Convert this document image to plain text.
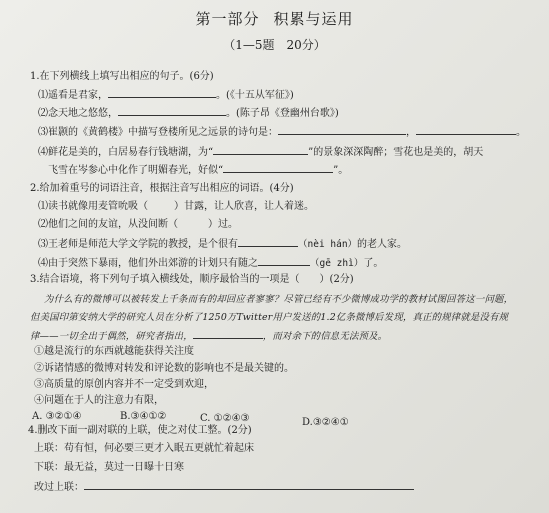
第一部分 积累与运用
（1—5题　20分）
1.在下列横线上填写出相应的句子。(6分)
⑴遥看是君家，	。(《十五从军征》)
⑵念天地之悠悠，	。(陈子昂《登幽州台歌》)
⑶崔颢的《黄鹤楼》中描写登楼所见之远景的诗句是：	，	。
⑷鲜花是美的，白居易春行钱塘湖，为“	”的景象深深陶醉；雪花也是美的，胡天
飞雪在岑参心中化作了明媚春光，好似“	”。
2.给加着重号的词语注音，根据注音写出相应的词语。(4分)
⑴读书就像用麦管吮吸（	）甘露，让人欣喜，让人着迷。
⑵他们之间的友谊，从没间断（	）过。
⑶王老师是师范大学文学院的教授，是个很有	（nèi hán）的老人家。
⑷由于突然下暴雨，他们外出郊游的计划只有随之	（gē zhì）了。
3.结合语境，将下列句子填入横线处，顺序最恰当的一项是（　　）(2分)
为什么有的微博可以被转发上千条而有的却回应者寥寥？尽管已经有不少微博成功学的教材试图回答这一问题，
但美国印第安纳大学的研究人员在分析了1250万Twitter用户发送的1.2亿条微博后发现，真正的规律就是没有规
律——一切全出于偶然，研究者指出，	，而对余下的信息无法预及。
①越是流行的东西就越能获得关注度
②诉诸情感的微博对转发和评论数的影响也不是最关键的。
③高质量的原创内容并不一定受到欢迎，
④问题在于人的注意力有限，
A. ③②①④	B.③④①②	C. ①②④③	D.③②④①
4.删改下面一副对联的上联，使之对仗工整。(2分)
上联：苟有恒，何必要三更才入眠五更就忙着起床
下联：最无益，莫过一日曝十日寒
改过上联：
